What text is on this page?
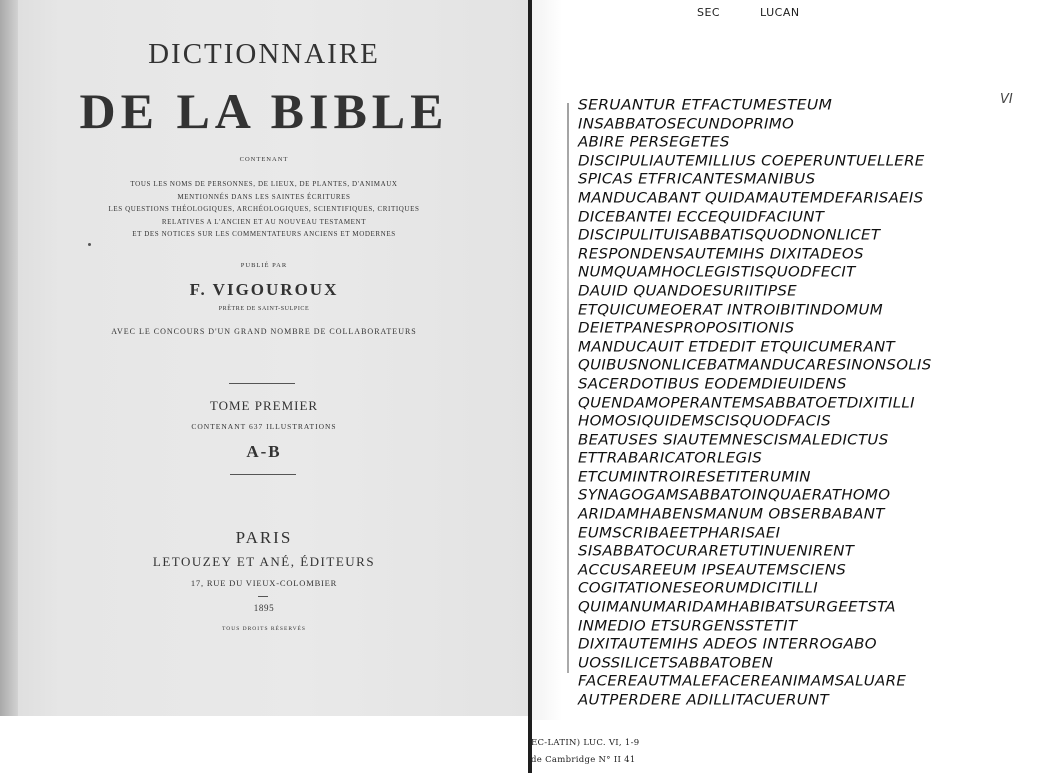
DICTIONNAIRE
DE LA BIBLE
CONTENANT
TOUS LES NOMS DE PERSONNES, DE LIEUX, DE PLANTES, D'ANIMAUX
MENTIONNÉS DANS LES SAINTES ÉCRITURES
LES QUESTIONS THÉOLOGIQUES, ARCHÉOLOGIQUES, SCIENTIFIQUES, CRITIQUES
RELATIVES A L'ANCIEN ET AU NOUVEAU TESTAMENT
ET DES NOTICES SUR LES COMMENTATEURS ANCIENS ET MODERNES
PUBLIÉ PAR
F. VIGOUROUX
PRÊTRE DE SAINT-SULPICE
AVEC LE CONCOURS D'UN GRAND NOMBRE DE COLLABORATEURS
TOME PREMIER
CONTENANT 637 ILLUSTRATIONS
A-B
PARIS
LETOUZEY ET ANÉ, ÉDITEURS
17, RUE DU VIEUX-COLOMBIER
1895
TOUS DROITS RÉSERVÉS
SEC	LUCAN
VI
SERUANTUR ETFACTUMESTEUM
INSABBATOSECUNDOPRIMO
ABIRE PERSEGETES
DISCIPULIAUTEMILLIUS COEPERUNTUELLERE
SPICAS ETFRICANTESMANIBUS
MANDUCABANT QUIDAMAUTEMDEFARISAEIS
DICEBANTEI ECCEQUIDFACIUNT
DISCIPULITUISABBATISQUODNONLICET
RESPONDENSAUTEMIHS DIXITADEOS
NUMQUAMHOCLEGISTISQUODFECIT
DAUID QUANDOESURIITIPSE
ETQUICUMEOERAT INTROIBITINDOMUM
DEIETPANESPROPOSITIONIS
MANDUCAUIT ETDEDIT ETQUICUMERANT
QUIBUSNONLICEBATMANDUCARESINONSOLIS
SACERDOTIBUS EODEMDIEUIDENS
QUENDAMOPERANTEMSABBATOETDIXITILLI
HOMOSIQUIDEMSCISQUODFACIS
BEATUSES SIAUTEMNESCISMALEDICTUS
ETTRABARICATORLEGIS
ETCUMINTROIRESETITERUMIN
SYNAGOGAMSABBATOINQUAERATHOMO
ARIDAMHABENSMANUM OBSERBABANT
EUMSCRIBAEETPHARISAEI
SISABBATOCURARETUTINUENIRENT
ACCUSAREEUM IPSEAUTEMSCIENS
COGITATIONESEORUMDICITILLI
QUIMANUMARIDAMHABIBATSURGEETSTA
INMEDIO ETSURGENSSTETIT
DIXITAUTEMIHS ADEOS INTERROGABO
UOSSILICETSABBATOBEN
FACEREAUTMALEFACEREANIMAMSALUARE
AUTPERDERE ADILLITACUERUNT
EC-LATIN) LUC. VI, 1-9
de Cambridge N° II 41
